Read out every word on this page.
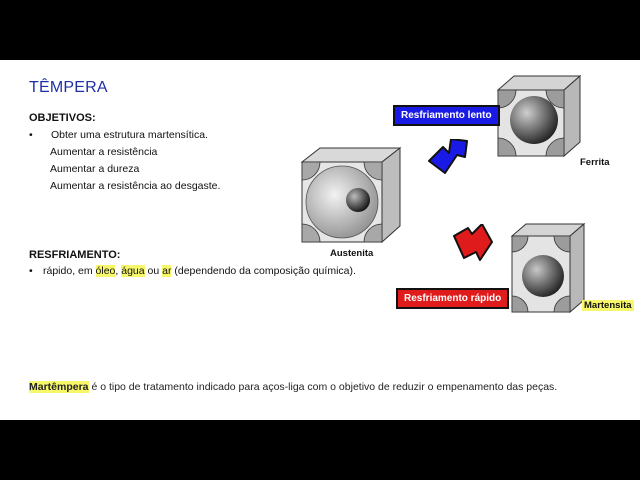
TÊMPERA
OBJETIVOS:
• Obter uma estrutura martensítica.
Aumentar a resistência
Aumentar a dureza
Aumentar a resistência ao desgaste.
RESFRIAMENTO:
• rápido, em óleo, água ou ar (dependendo da composição química).
Martêmpera é o tipo de tratamento indicado para aços-liga com o objetivo de reduzir o empenamento das peças.
Austenita
Ferrita
Martensita
Resfriamento lento
Resfriamento rápido
